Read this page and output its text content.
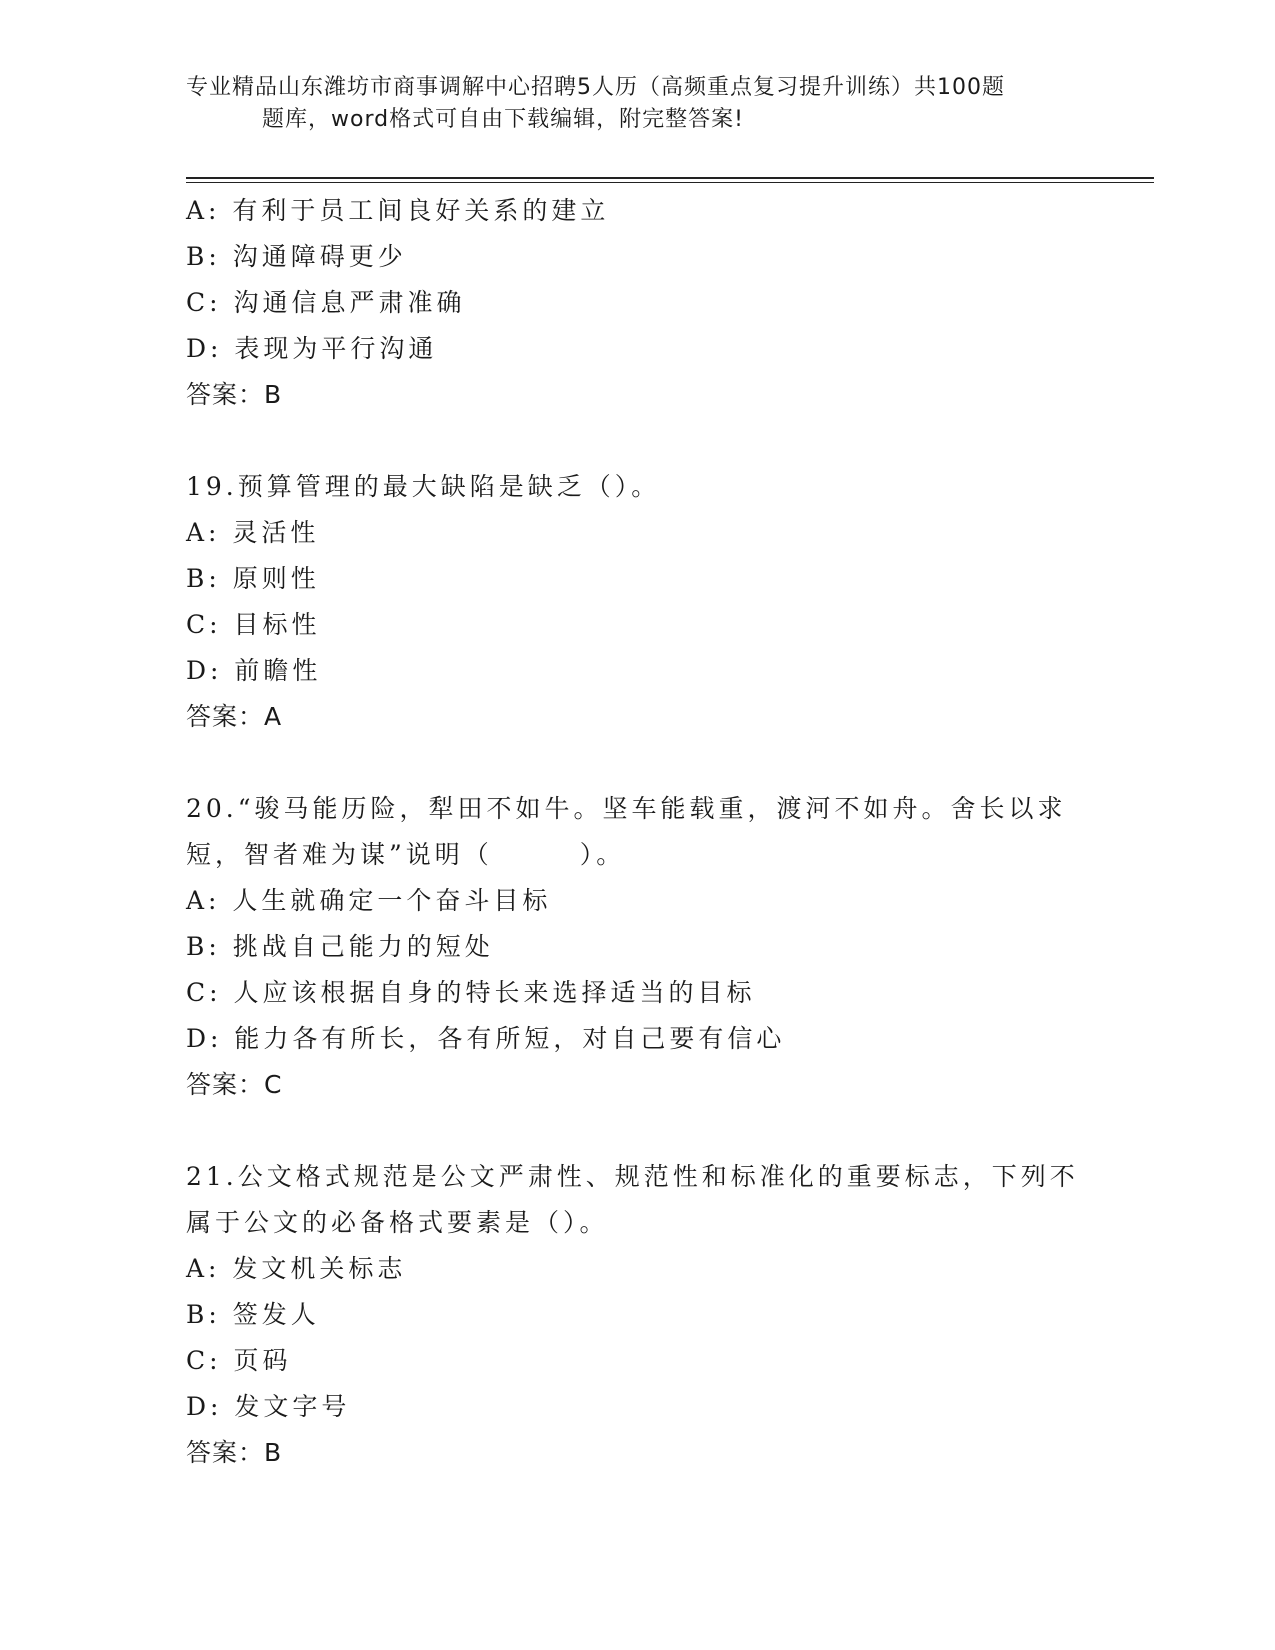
专业精品山东潍坊市商事调解中心招聘5人历（高频重点复习提升训练）共100题
题库，word格式可自由下载编辑，附完整答案!
A: 有利于员工间良好关系的建立
B: 沟通障碍更少
C: 沟通信息严肃准确
D: 表现为平行沟通
答案：B
19.预算管理的最大缺陷是缺乏（）。
A: 灵活性
B: 原则性
C: 目标性
D: 前瞻性
答案：A
20.“骏马能历险，犁田不如牛。坚车能载重，渡河不如舟。舍长以求
短，智者难为谋”说明（　　　）。
A: 人生就确定一个奋斗目标
B: 挑战自己能力的短处
C: 人应该根据自身的特长来选择适当的目标
D: 能力各有所长，各有所短，对自己要有信心
答案：C
21.公文格式规范是公文严肃性、规范性和标准化的重要标志，下列不
属于公文的必备格式要素是（）。
A: 发文机关标志
B: 签发人
C: 页码
D: 发文字号
答案：B
